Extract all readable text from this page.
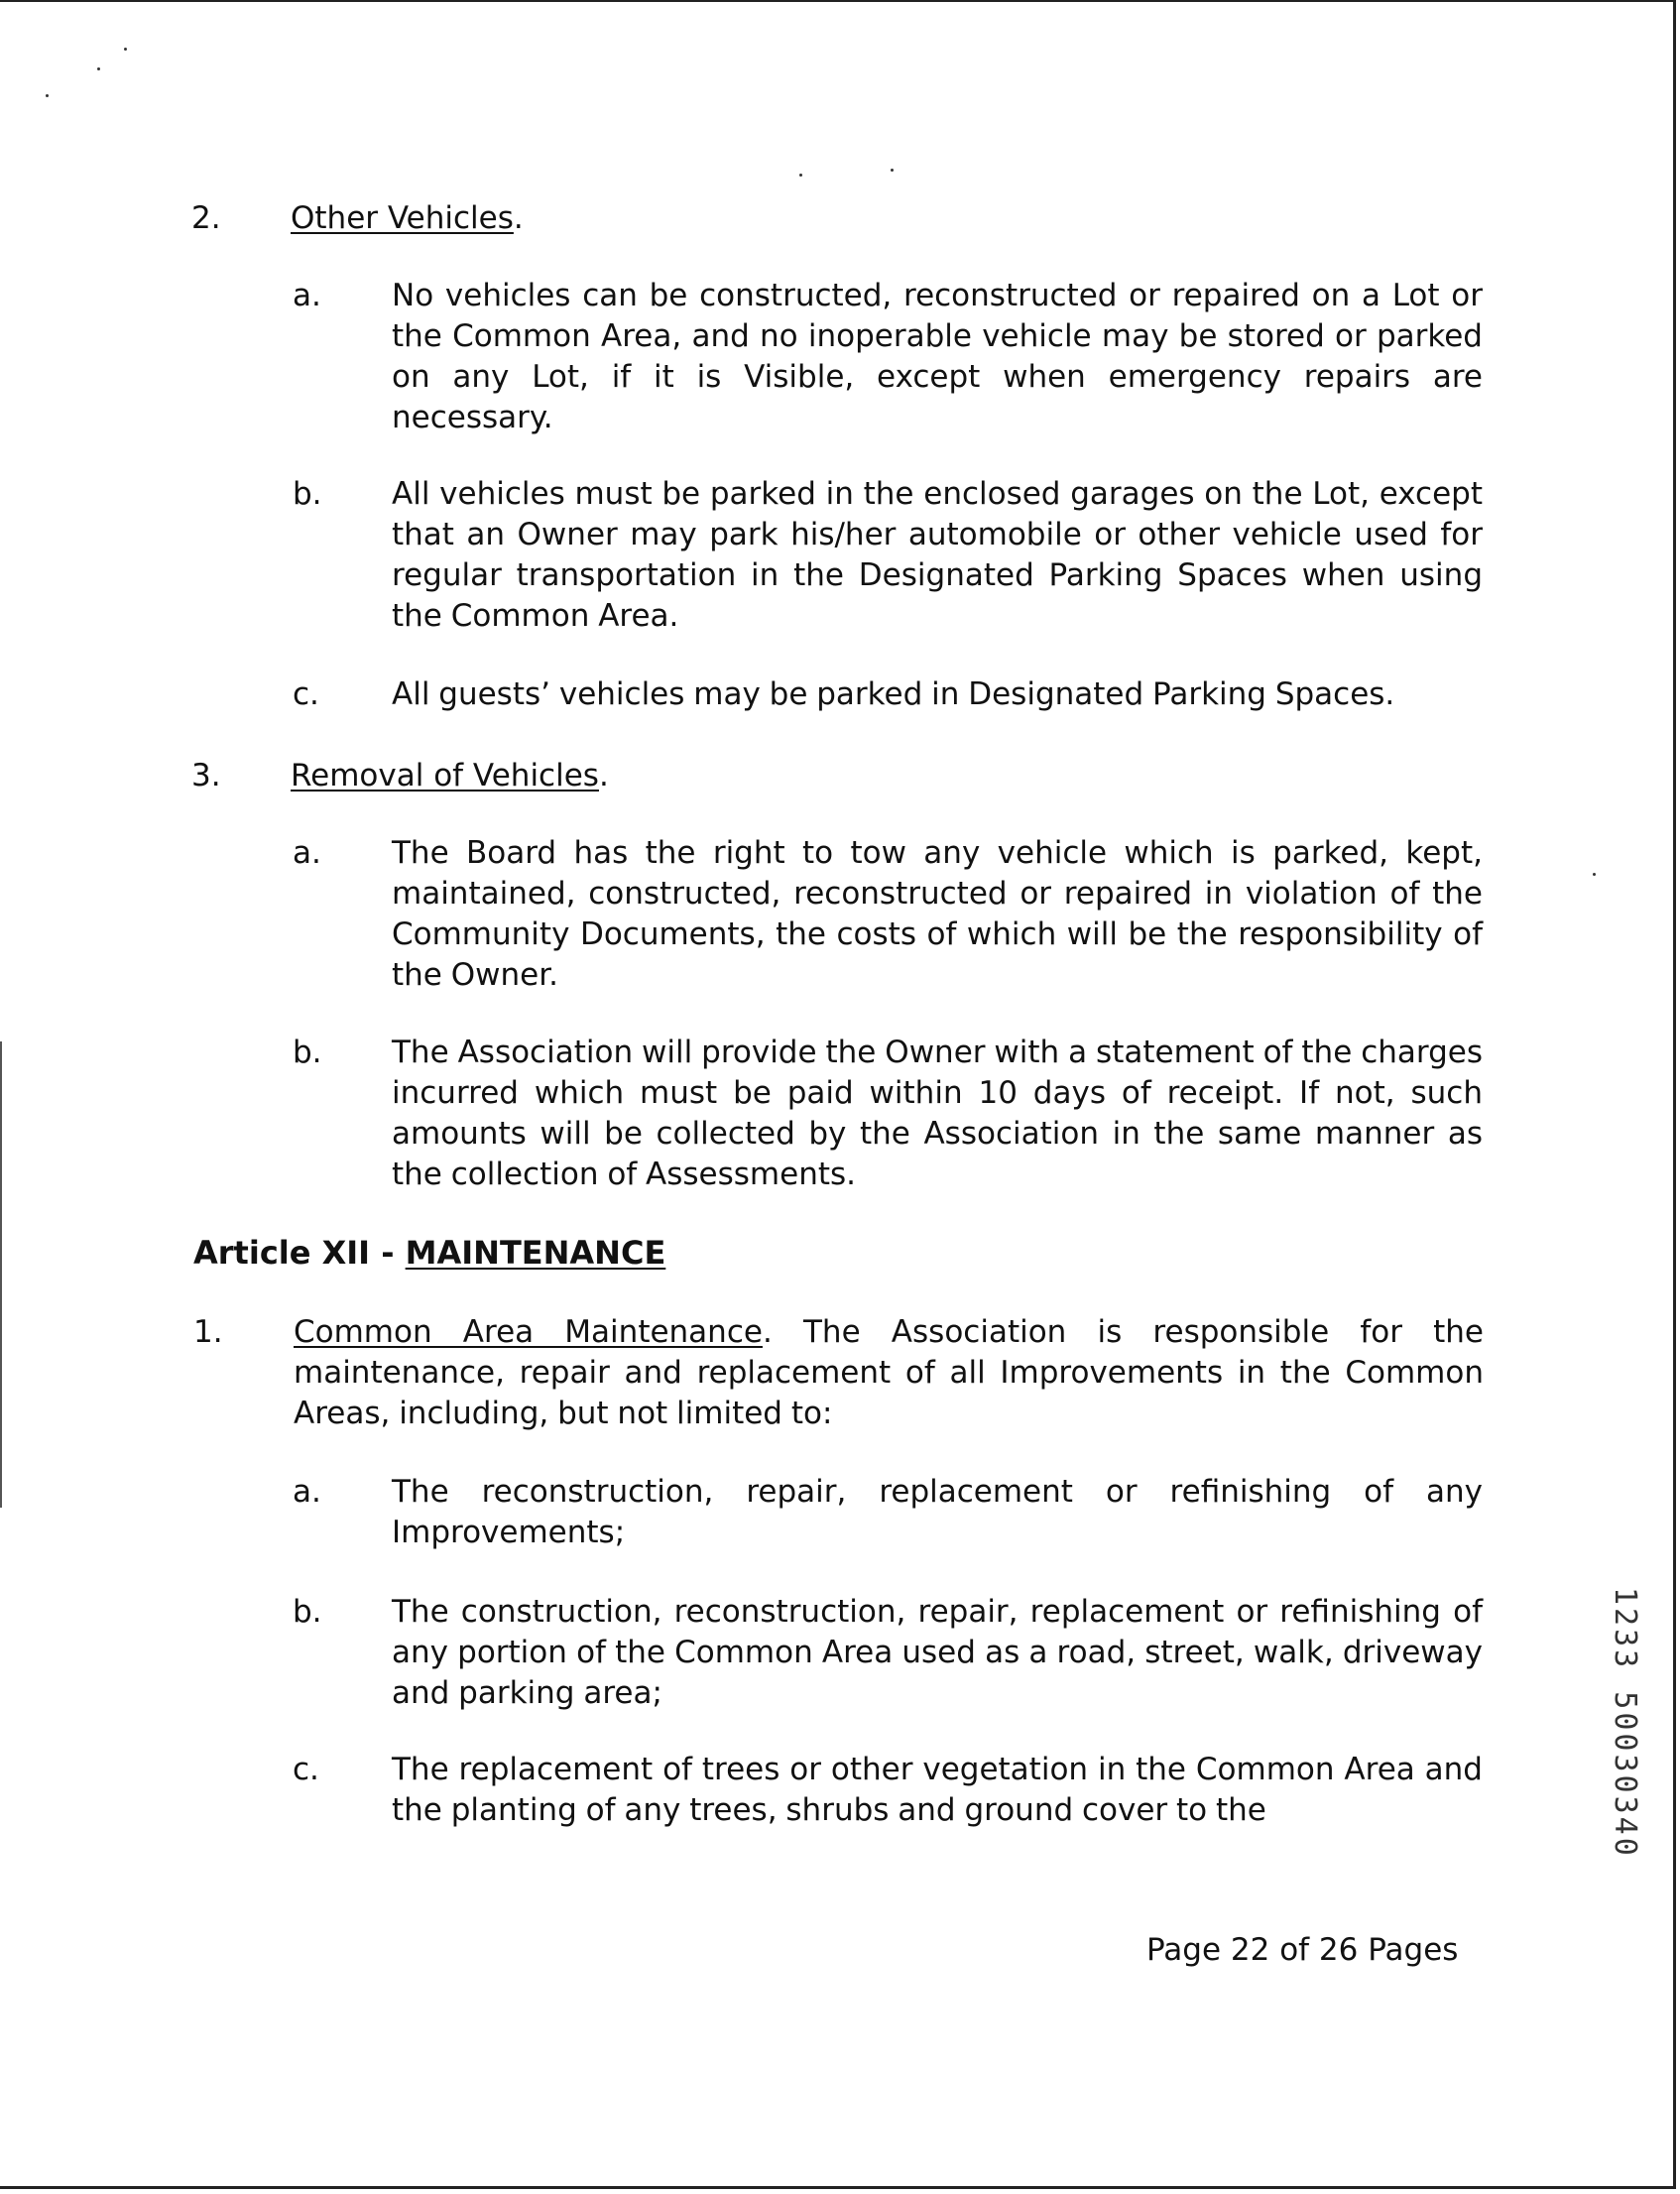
2. Other Vehicles.
a. No vehicles can be constructed, reconstructed or repaired on a Lot or the Common Area, and no inoperable vehicle may be stored or parked on any Lot, if it is Visible, except when emergency repairs are necessary.
b. All vehicles must be parked in the enclosed garages on the Lot, except that an Owner may park his/her automobile or other vehicle used for regular transportation in the Designated Parking Spaces when using the Common Area.
c. All guests’ vehicles may be parked in Designated Parking Spaces.
3. Removal of Vehicles.
a. The Board has the right to tow any vehicle which is parked, kept, maintained, constructed, reconstructed or repaired in violation of the Community Documents, the costs of which will be the responsibility of the Owner.
b. The Association will provide the Owner with a statement of the charges incurred which must be paid within 10 days of receipt. If not, such amounts will be collected by the Association in the same manner as the collection of Assessments.
Article XII - MAINTENANCE
1. Common Area Maintenance. The Association is responsible for the maintenance, repair and replacement of all Improvements in the Common Areas, including, but not limited to:
a. The reconstruction, repair, replacement or refinishing of any Improvements;
b. The construction, reconstruction, repair, replacement or refinishing of any portion of the Common Area used as a road, street, walk, driveway and parking area;
c. The replacement of trees or other vegetation in the Common Area and the planting of any trees, shrubs and ground cover to the
Page 22 of 26 Pages
1233 50030340
